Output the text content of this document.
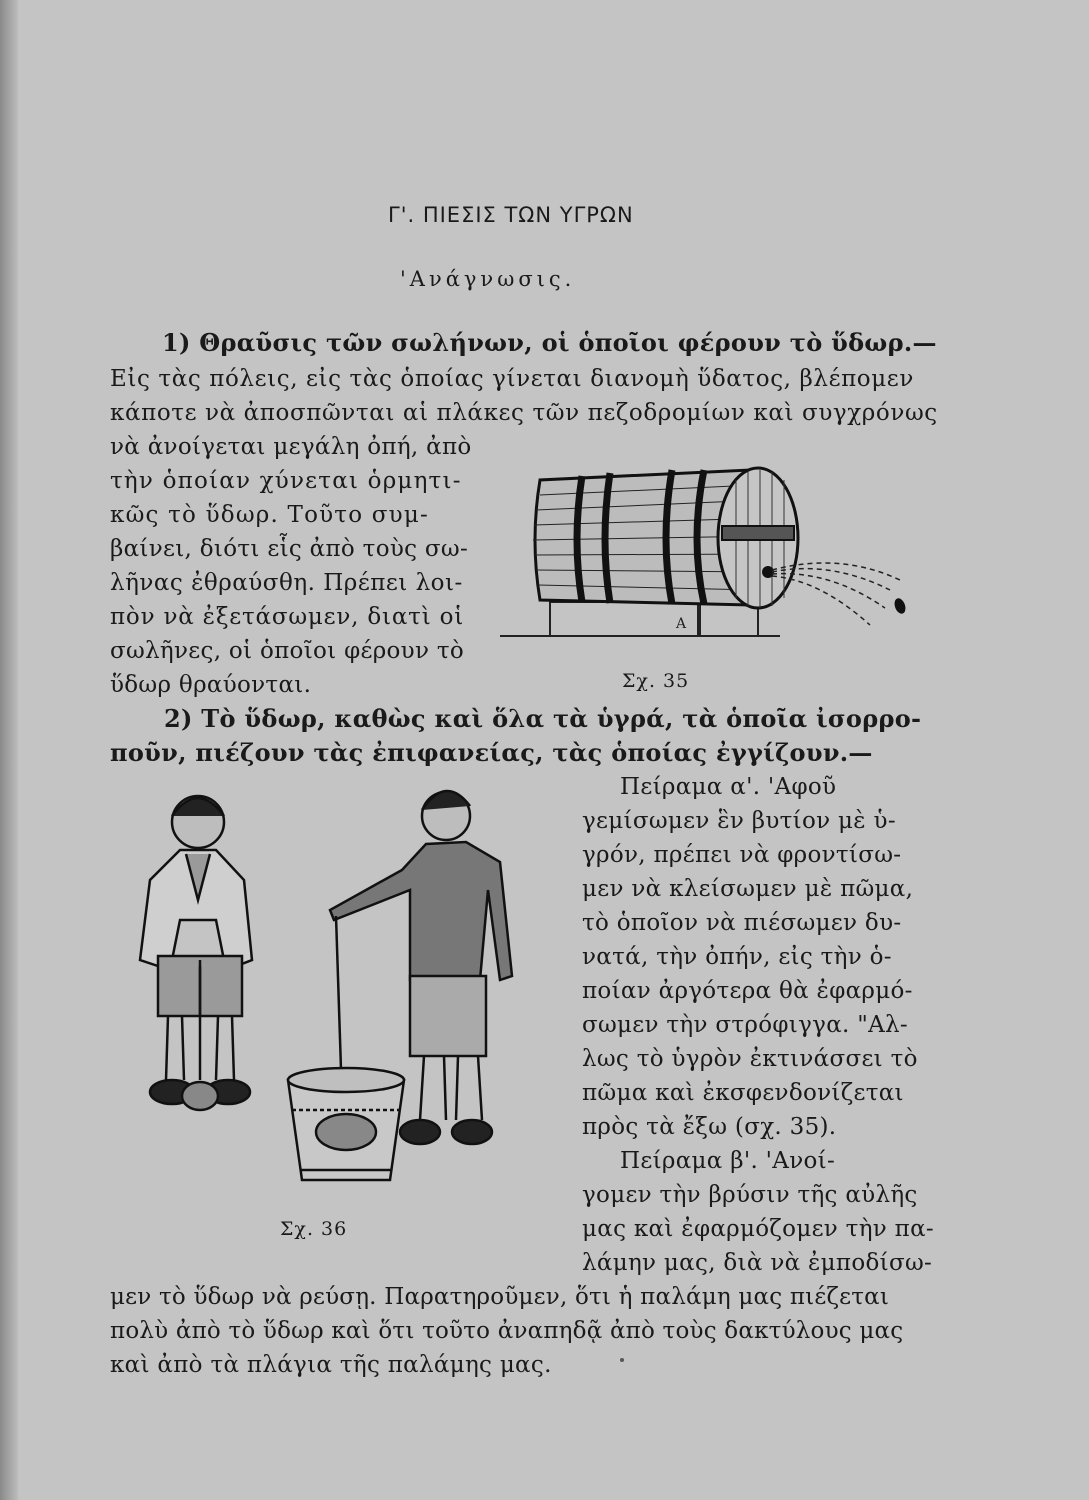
Γ'. ΠΙΕΣΙΣ ΤΩΝ ΥΓΡΩΝ
'Ανάγνωσις.
1) Θραῦσις τῶν σωλήνων, οἱ ὁποῖοι φέρουν τὸ ὕδωρ.—
Εἰς τὰς πόλεις, εἰς τὰς ὁποίας γίνεται διανομὴ ὕδατος, βλέπομεν
κάποτε νὰ ἀποσπῶνται αἱ πλάκες τῶν πεζοδρομίων καὶ συγχρόνως
νὰ ἀνοίγεται μεγάλη ὀπή, ἀπὸ
τὴν ὁποίαν χύνεται ὁρμητι-
κῶς τὸ ὕδωρ. Τοῦτο συμ-
βαίνει, διότι εἷς ἀπὸ τοὺς σω-
λῆνας ἐθραύσθη. Πρέπει λοι-
πὸν νὰ ἐξετάσωμεν, διατὶ οἱ
σωλῆνες, οἱ ὁποῖοι φέρουν τὸ
ὕδωρ θραύονται.
A
Σχ. 35
2) Τὸ ὕδωρ, καθὼς καὶ ὅλα τὰ ὑγρά, τὰ ὁποῖα ἰσορρο-
ποῦν, πιέζουν τὰς ἐπιφανείας, τὰς ὁποίας ἐγγίζουν.—
Πείραμα α'. 'Αφοῦ
γεμίσωμεν ἓν βυτίον μὲ ὑ-
γρόν, πρέπει νὰ φροντίσω-
μεν νὰ κλείσωμεν μὲ πῶμα,
τὸ ὁποῖον νὰ πιέσωμεν δυ-
νατά, τὴν ὀπήν, εἰς τὴν ὁ-
ποίαν ἀργότερα θὰ ἐφαρμό-
σωμεν τὴν στρόφιγγα. "Αλ-
λως τὸ ὑγρὸν ἐκτινάσσει τὸ
πῶμα καὶ ἐκσφενδονίζεται
πρὸς τὰ ἔξω (σχ. 35).
Πείραμα β'. 'Ανοί-
γομεν τὴν βρύσιν τῆς αὐλῆς
μας καὶ ἐφαρμόζομεν τὴν πα-
λάμην μας, διὰ νὰ ἐμποδίσω-
Σχ. 36
μεν τὸ ὕδωρ νὰ ρεύσῃ. Παρατηροῦμεν, ὅτι ἡ παλάμη μας πιέζεται
πολὺ ἀπὸ τὸ ὕδωρ καὶ ὅτι τοῦτο ἀναπηδᾷ ἀπὸ τοὺς δακτύλους μας
καὶ ἀπὸ τὰ πλάγια τῆς παλάμης μας.
